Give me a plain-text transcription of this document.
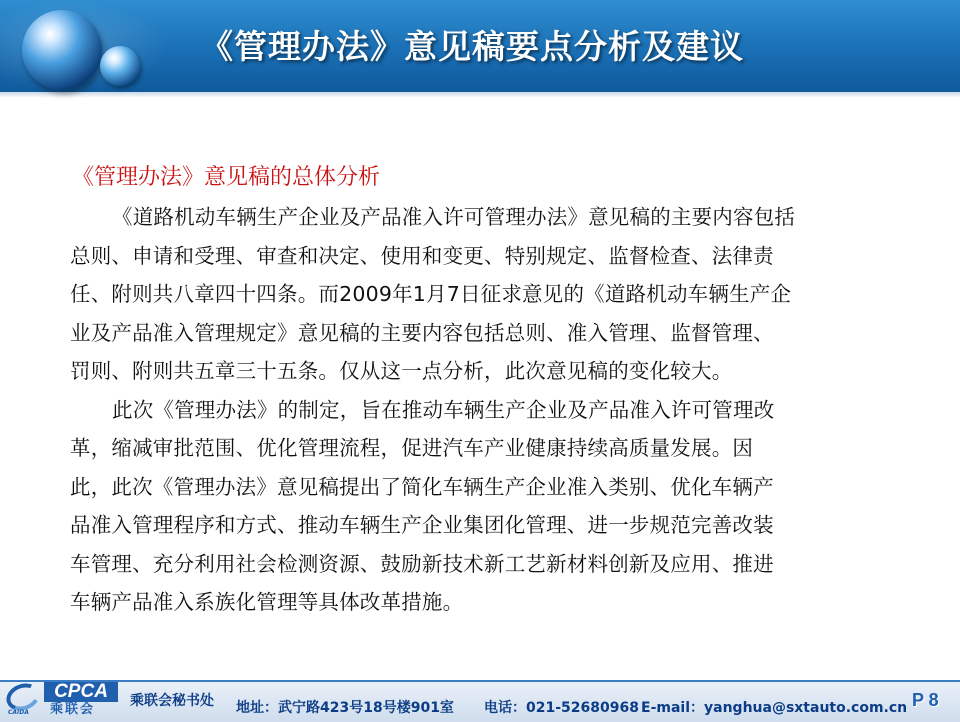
《管理办法》意见稿要点分析及建议
《管理办法》意见稿的总体分析

《道路机动车辆生产企业及产品准入许可管理办法》意见稿的主要内容包括
总则、申请和受理、审查和决定、使用和变更、特别规定、监督检查、法律责
任、附则共八章四十四条。而2009年1月7日征求意见的《道路机动车辆生产企
业及产品准入管理规定》意见稿的主要内容包括总则、准入管理、监督管理、
罚则、附则共五章三十五条。仅从这一点分析，此次意见稿的变化较大。

此次《管理办法》的制定，旨在推动车辆生产企业及产品准入许可管理改
革，缩减审批范围、优化管理流程，促进汽车产业健康持续高质量发展。因
此，此次《管理办法》意见稿提出了简化车辆生产企业准入类别、优化车辆产
品准入管理程序和方式、推动车辆生产企业集团化管理、进一步规范完善改装
车管理、充分利用社会检测资源、鼓励新技术新工艺新材料创新及应用、推进
车辆产品准入系族化管理等具体改革措施。

CAIDA
CPCA
乘联会
乘联会秘书处 地址：武宁路423号18号楼901室 电话：021-52680968 E-mail：yanghua@sxtauto.com.cn P 8
